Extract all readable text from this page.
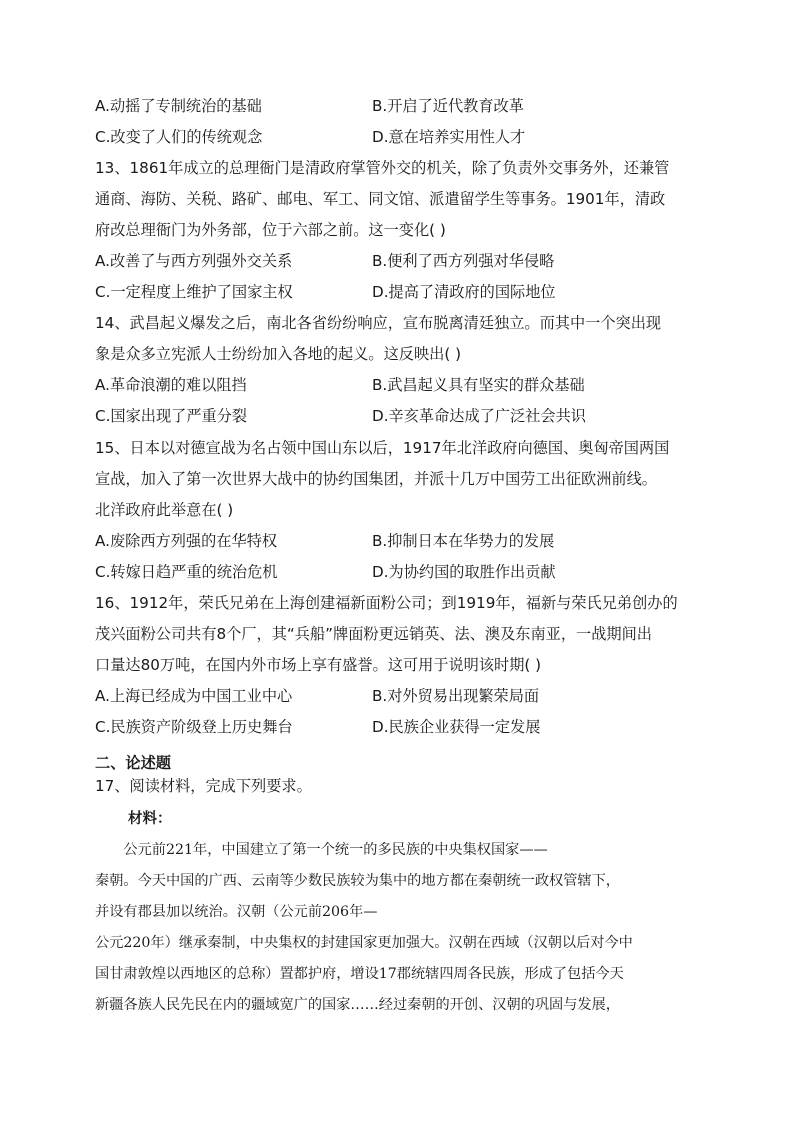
A.动摇了专制统治的基础	B.开启了近代教育改革
C.改变了人们的传统观念	D.意在培养实用性人才
13、1861年成立的总理衙门是清政府掌管外交的机关，除了负责外交事务外，还兼管
通商、海防、关税、路矿、邮电、军工、同文馆、派遣留学生等事务。1901年，清政
府改总理衙门为外务部，位于六部之前。这一变化( )
A.改善了与西方列强外交关系	B.便利了西方列强对华侵略
C.一定程度上维护了国家主权	D.提高了清政府的国际地位
14、武昌起义爆发之后，南北各省纷纷响应，宣布脱离清廷独立。而其中一个突出现
象是众多立宪派人士纷纷加入各地的起义。这反映出( )
A.革命浪潮的难以阻挡	B.武昌起义具有坚实的群众基础
C.国家出现了严重分裂	D.辛亥革命达成了广泛社会共识
15、日本以对德宣战为名占领中国山东以后，1917年北洋政府向德国、奥匈帝国两国
宣战，加入了第一次世界大战中的协约国集团，并派十几万中国劳工出征欧洲前线。
北洋政府此举意在( )
A.废除西方列强的在华特权	B.抑制日本在华势力的发展
C.转嫁日趋严重的统治危机	D.为协约国的取胜作出贡献
16、1912年，荣氏兄弟在上海创建福新面粉公司；到1919年，福新与荣氏兄弟创办的
茂兴面粉公司共有8个厂，其“兵船”牌面粉更远销英、法、澳及东南亚，一战期间出
口量达80万吨，在国内外市场上享有盛誉。这可用于说明该时期( )
A.上海已经成为中国工业中心	B.对外贸易出现繁荣局面
C.民族资产阶级登上历史舞台	D.民族企业获得一定发展
二、论述题
17、阅读材料，完成下列要求。
材料：
　　公元前221年，中国建立了第一个统一的多民族的中央集权国家——
秦朝。今天中国的广西、云南等少数民族较为集中的地方都在秦朝统一政权管辖下，
并设有郡县加以统治。汉朝（公元前206年—
公元220年）继承秦制，中央集权的封建国家更加强大。汉朝在西域（汉朝以后对今中
国甘肃敦煌以西地区的总称）置都护府，增设17郡统辖四周各民族，形成了包括今天
新疆各族人民先民在内的疆域宽广的国家……经过秦朝的开创、汉朝的巩固与发展，
